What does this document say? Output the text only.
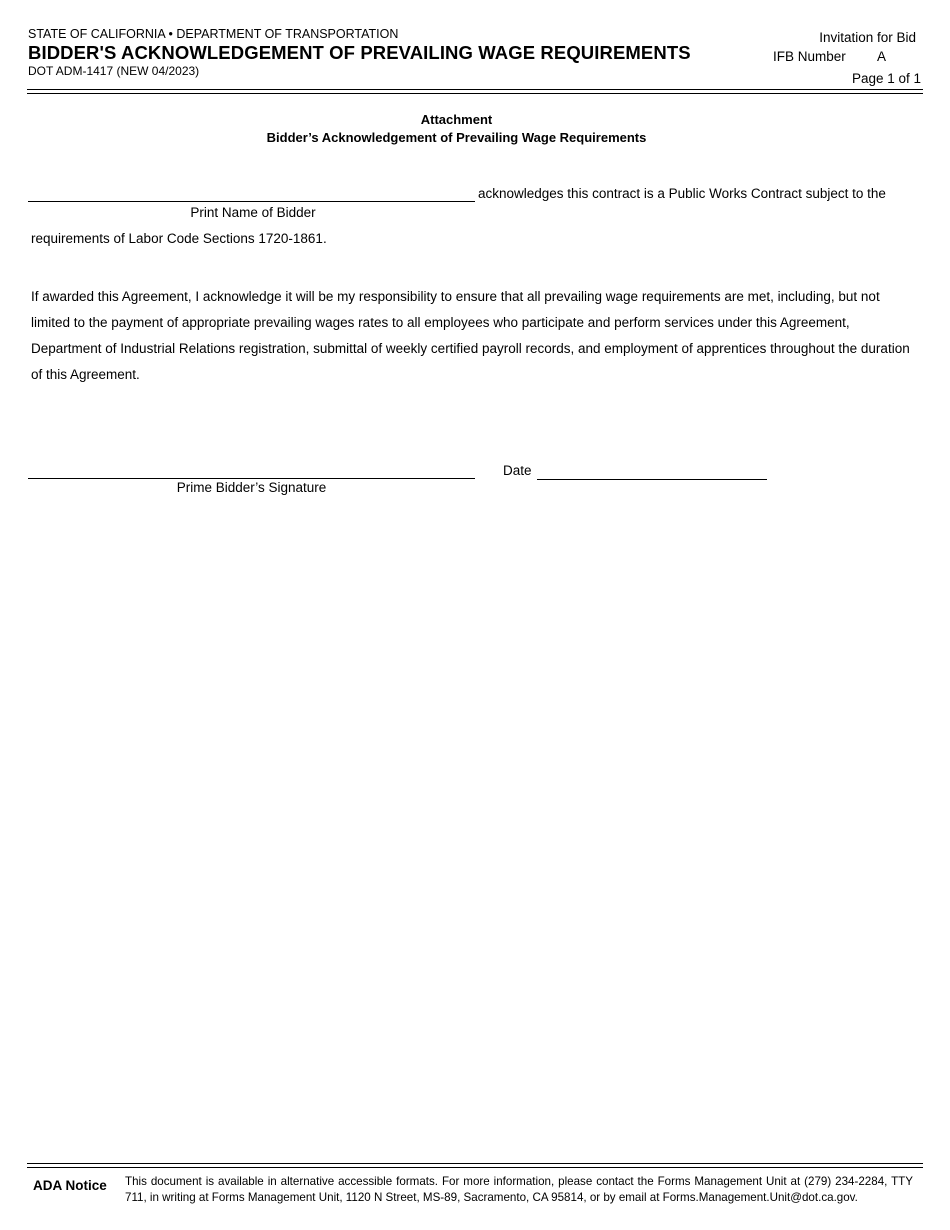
STATE OF CALIFORNIA • DEPARTMENT OF TRANSPORTATION
BIDDER'S ACKNOWLEDGEMENT OF PREVAILING WAGE REQUIREMENTS
DOT ADM-1417 (NEW 04/2023)
Invitation for Bid
IFB Number A
Page 1 of 1
Attachment
Bidder’s Acknowledgement of Prevailing Wage Requirements
acknowledges this contract is a Public Works Contract subject to the
Print Name of Bidder
requirements of Labor Code Sections 1720-1861.
If awarded this Agreement, I acknowledge it will be my responsibility to ensure that all prevailing wage requirements are met, including, but not limited to the payment of appropriate prevailing wages rates to all employees who participate and perform services under this Agreement, Department of Industrial Relations registration, submittal of weekly certified payroll records, and employment of apprentices throughout the duration of this Agreement.
Prime Bidder’s Signature
Date
ADA Notice This document is available in alternative accessible formats. For more information, please contact the Forms Management Unit at (279) 234-2284, TTY 711, in writing at Forms Management Unit, 1120 N Street, MS-89, Sacramento, CA 95814, or by email at Forms.Management.Unit@dot.ca.gov.
